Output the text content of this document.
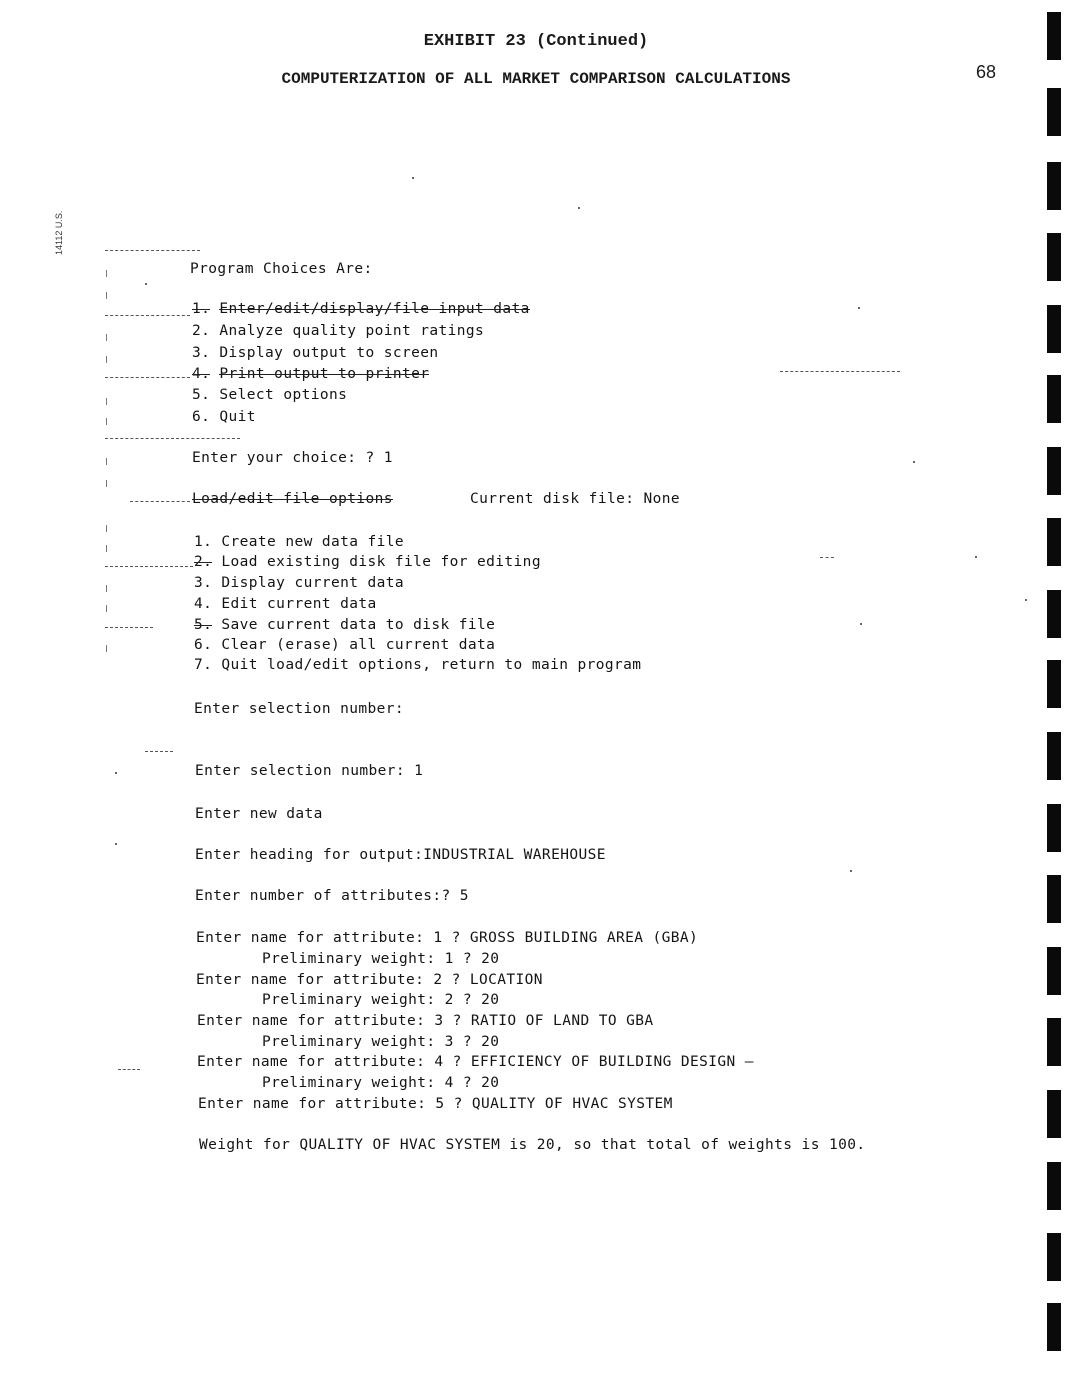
EXHIBIT 23 (Continued)
COMPUTERIZATION OF ALL MARKET COMPARISON CALCULATIONS	68
14112 U.S.
Program Choices Are:
1. Enter/edit/display/file input data
2. Analyze quality point ratings
3. Display output to screen
4. Print output to printer
5. Select options
6. Quit
Enter your choice: ? 1
Load/edit file options	Current disk file: None
1. Create new data file
2. Load existing disk file for editing
3. Display current data
4. Edit current data
5. Save current data to disk file
6. Clear (erase) all current data
7. Quit load/edit options, return to main program
Enter selection number:
Enter selection number: 1
Enter new data
Enter heading for output:INDUSTRIAL WAREHOUSE
Enter number of attributes:? 5
Enter name for attribute: 1 ? GROSS BUILDING AREA (GBA)
Preliminary weight: 1 ? 20
Enter name for attribute: 2 ? LOCATION
Preliminary weight: 2 ? 20
Enter name for attribute: 3 ? RATIO OF LAND TO GBA
Preliminary weight: 3 ? 20
Enter name for attribute: 4 ? EFFICIENCY OF BUILDING DESIGN —
Preliminary weight: 4 ? 20
Enter name for attribute: 5 ? QUALITY OF HVAC SYSTEM
Weight for QUALITY OF HVAC SYSTEM is 20, so that total of weights is 100.
